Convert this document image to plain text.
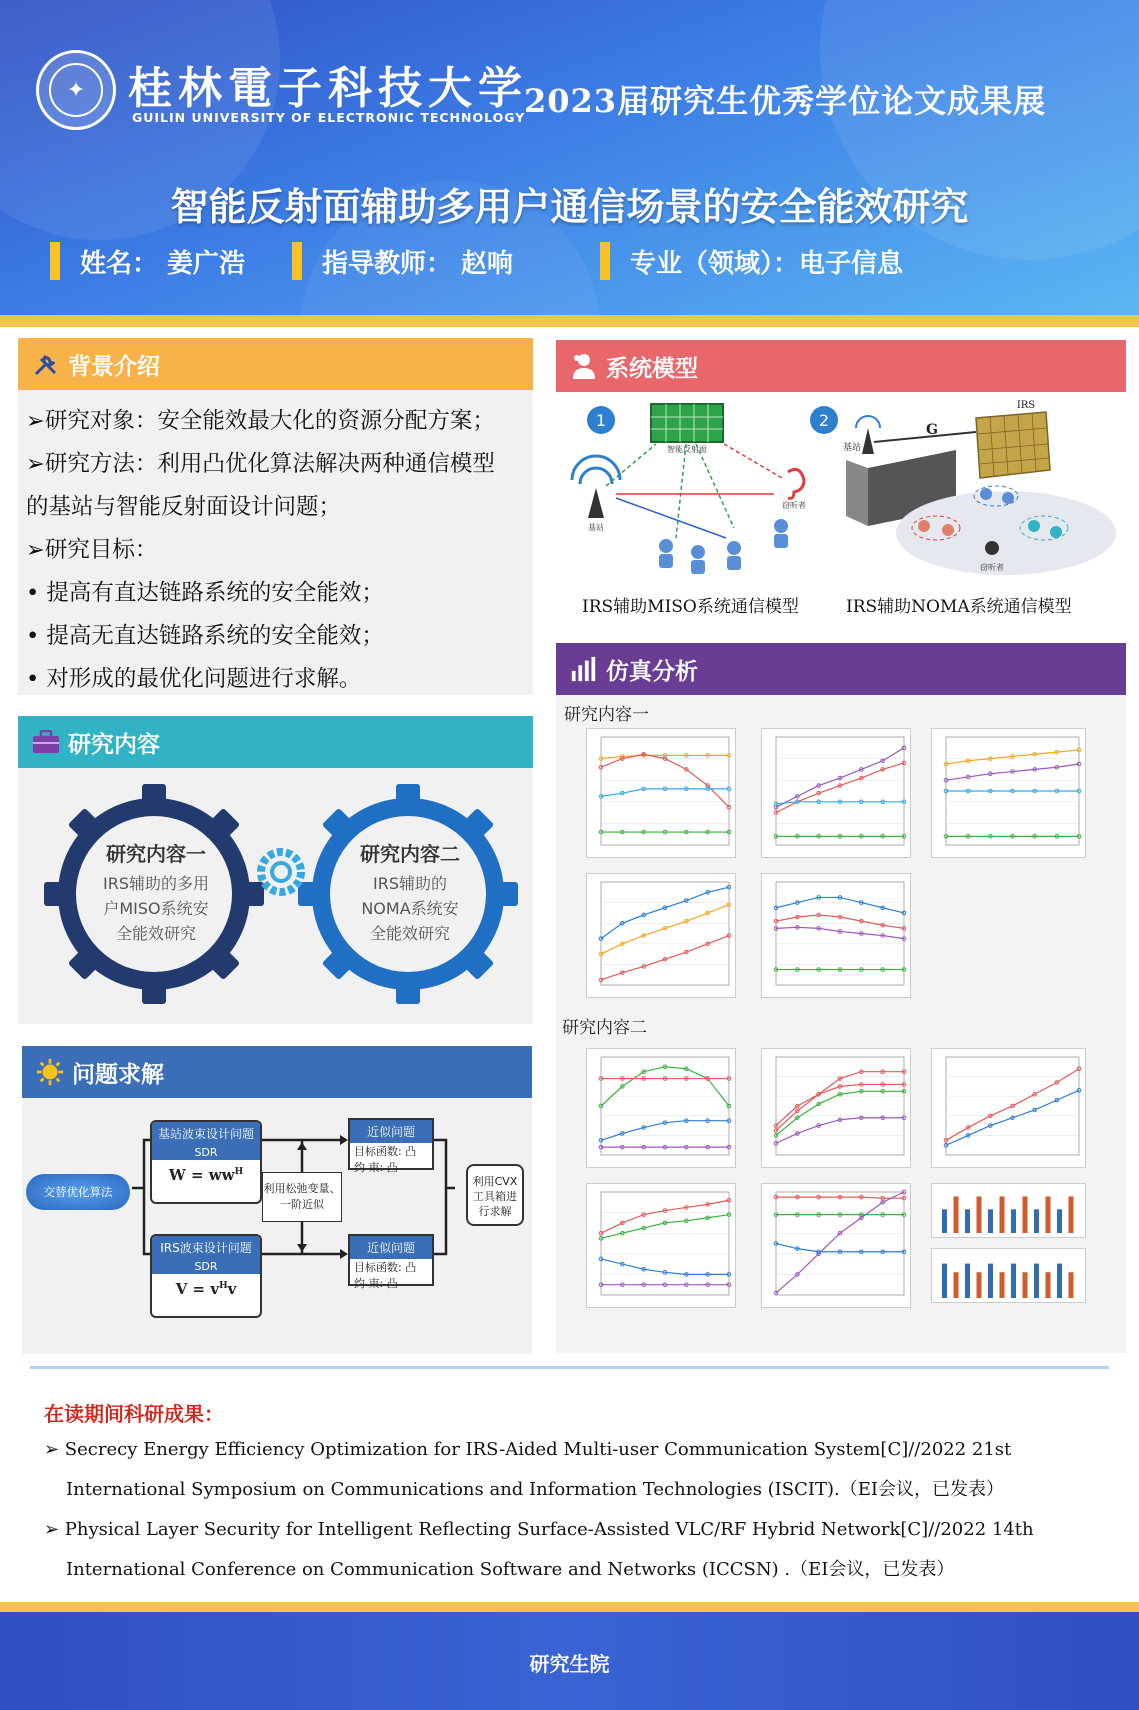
✦ 桂林電子科技大学
GUILIN UNIVERSITY OF ELECTRONIC TECHNOLOGY
2023届研究生优秀学位论文成果展
智能反射面辅助多用户通信场景的安全能效研究
姓名： 姜广浩	指导教师： 赵响	专业（领域）：电子信息
背景介绍
➢研究对象：安全能效最大化的资源分配方案；
➢研究方法：利用凸优化算法解决两种通信模型
的基站与智能反射面设计问题；
➢研究目标：
• 提高有直达链路系统的安全能效；
• 提高无直达链路系统的安全能效；
• 对形成的最优化问题进行求解。
研究内容
研究内容一
IRS辅助的多用
户MISO系统安
全能效研究
研究内容二
IRS辅助的
NOMA系统安
全能效研究
问题求解
交替优化算法
基站波束设计问题
SDR
$W = ww^H$
IRS波束设计问题
SDR
$V = v^Hv$
利用松弛变量、一阶近似
近似问题
目标函数: 凸
约 束: 凸
近似问题
目标函数: 凸
约 束: 凸
利用CVX工具箱进行求解
系统模型
1
智能反射面
基站
窃听者
2
IRS
G
基站
窃听者
IRS辅助MISO系统通信模型	IRS辅助NOMA系统通信模型
仿真分析
研究内容一
研究内容二
在读期间科研成果：
➢ Secrecy Energy Efficiency Optimization for IRS-Aided Multi-user Communication System[C]//2022 21st
International Symposium on Communications and Information Technologies (ISCIT).（EI会议，已发表）
➢ Physical Layer Security for Intelligent Reflecting Surface-Assisted VLC/RF Hybrid Network[C]//2022 14th
International Conference on Communication Software and Networks (ICCSN) .（EI会议，已发表）
研究生院
